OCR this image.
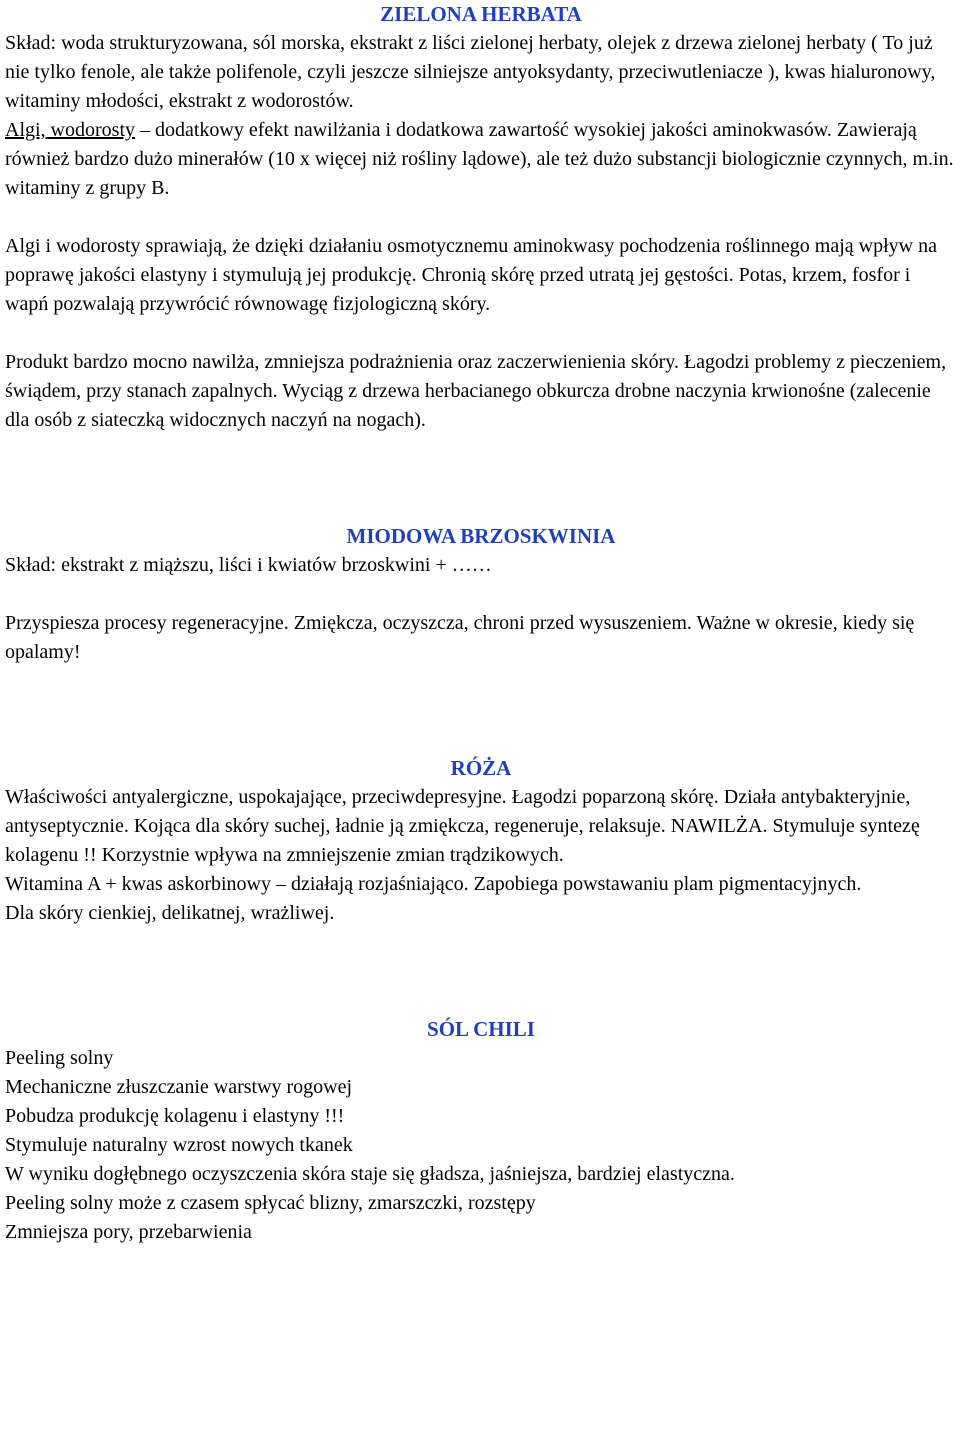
ZIELONA HERBATA

Skład: woda strukturyzowana, sól morska, ekstrakt z liści zielonej herbaty, olejek z drzewa zielonej herbaty ( To już nie tylko fenole, ale także polifenole, czyli jeszcze silniejsze antyoksydanty, przeciwutleniacze ), kwas hialuronowy, witaminy młodości, ekstrakt z wodorostów.
Algi, wodorosty – dodatkowy efekt nawilżania i dodatkowa zawartość wysokiej jakości aminokwasów. Zawierają również bardzo dużo minerałów (10 x więcej niż rośliny lądowe), ale też dużo substancji biologicznie czynnych, m.in. witaminy z grupy B.

Algi i wodorosty sprawiają, że dzięki działaniu osmotycznemu aminokwasy pochodzenia roślinnego mają wpływ na poprawę jakości elastyny i stymulują jej produkcję. Chronią skórę przed utratą jej gęstości. Potas, krzem, fosfor i wapń pozwalają przywrócić równowagę fizjologiczną skóry.

Produkt bardzo mocno nawilża, zmniejsza podrażnienia oraz zaczerwienienia skóry. Łagodzi problemy z pieczeniem, świądem, przy stanach zapalnych. Wyciąg z drzewa herbacianego obkurcza drobne naczynia krwionośne (zalecenie dla osób z siateczką widocznych naczyń na nogach).

MIODOWA BRZOSKWINIA

Skład: ekstrakt z miąższu, liści i kwiatów brzoskwini + ……

Przyspiesza procesy regeneracyjne. Zmiękcza, oczyszcza, chroni przed wysuszeniem. Ważne w okresie, kiedy się opalamy!

RÓŻA

Właściwości antyalergiczne, uspokajające, przeciwdepresyjne. Łagodzi poparzoną skórę. Działa antybakteryjnie, antyseptycznie. Kojąca dla skóry suchej, ładnie ją zmiękcza, regeneruje, relaksuje. NAWILŻA. Stymuluje syntezę kolagenu !! Korzystnie wpływa na zmniejszenie zmian trądzikowych.

Witamina A + kwas askorbinowy – działają rozjaśniająco. Zapobiega powstawaniu plam pigmentacyjnych.

Dla skóry cienkiej, delikatnej, wrażliwej.

SÓL CHILI
Peeling solny
Mechaniczne złuszczanie warstwy rogowej
Pobudza produkcję kolagenu i elastyny !!!
Stymuluje naturalny wzrost nowych tkanek
W wyniku dogłębnego oczyszczenia skóra staje się gładsza, jaśniejsza, bardziej elastyczna.
Peeling solny może z czasem spłycać blizny, zmarszczki, rozstępy
Zmniejsza pory, przebarwienia
